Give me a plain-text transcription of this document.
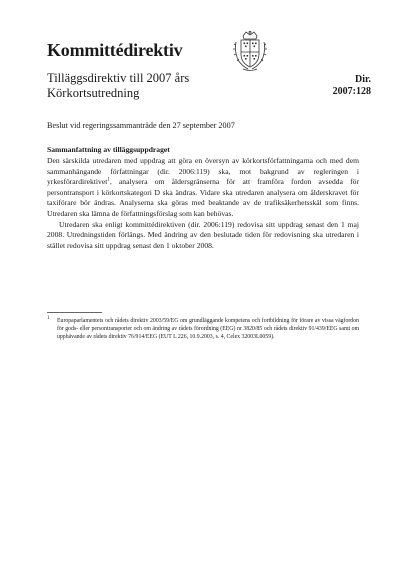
Kommittédirektiv
Tilläggsdirektiv till 2007 års
Körkortsutredning
Dir.
2007:128
Beslut vid regeringssammanträde den 27 september 2007
Sammanfattning av tilläggsuppdraget

Den särskilda utredaren med uppdrag att göra en översyn av körkortsförfattningarna och med dem sammanhängande författningar (dir. 2006:119) ska, mot bakgrund av regleringen i yrkesförardirektivet$^1$, analysera om åldersgränserna för att framföra fordon avsedda för persontransport i körkortskategori D ska ändras. Vidare ska utredaren analysera om ålderskravet för taxiförare bör ändras. Analyserna ska göras med beaktande av de trafiksäkerhetsskäl som finns. Utredaren ska lämna de författningsförslag som kan behövas.

Utredaren ska enligt kommittédirektiven (dir. 2006:119) redovisa sitt uppdrag senast den 1 maj 2008. Utredningstiden förlängs. Med ändring av den beslutade tiden för redovisning ska utredaren i stället redovisa sitt uppdrag senast den 1 oktober 2008.

1 Europaparlamentets och rådets direktiv 2003/59/EG om grundläggande kompetens och fortbildning för förare av vissa vägfordon för gods- eller persontransporter och om ändring av rådets förordning (EEG) nr 3820/85 och rådets direktiv 91/439/EEG samt om upphävande av rådets direktiv 76/914/EEG (EUT L 226, 10.9.2003, s. 4, Celex 32003L0059).
